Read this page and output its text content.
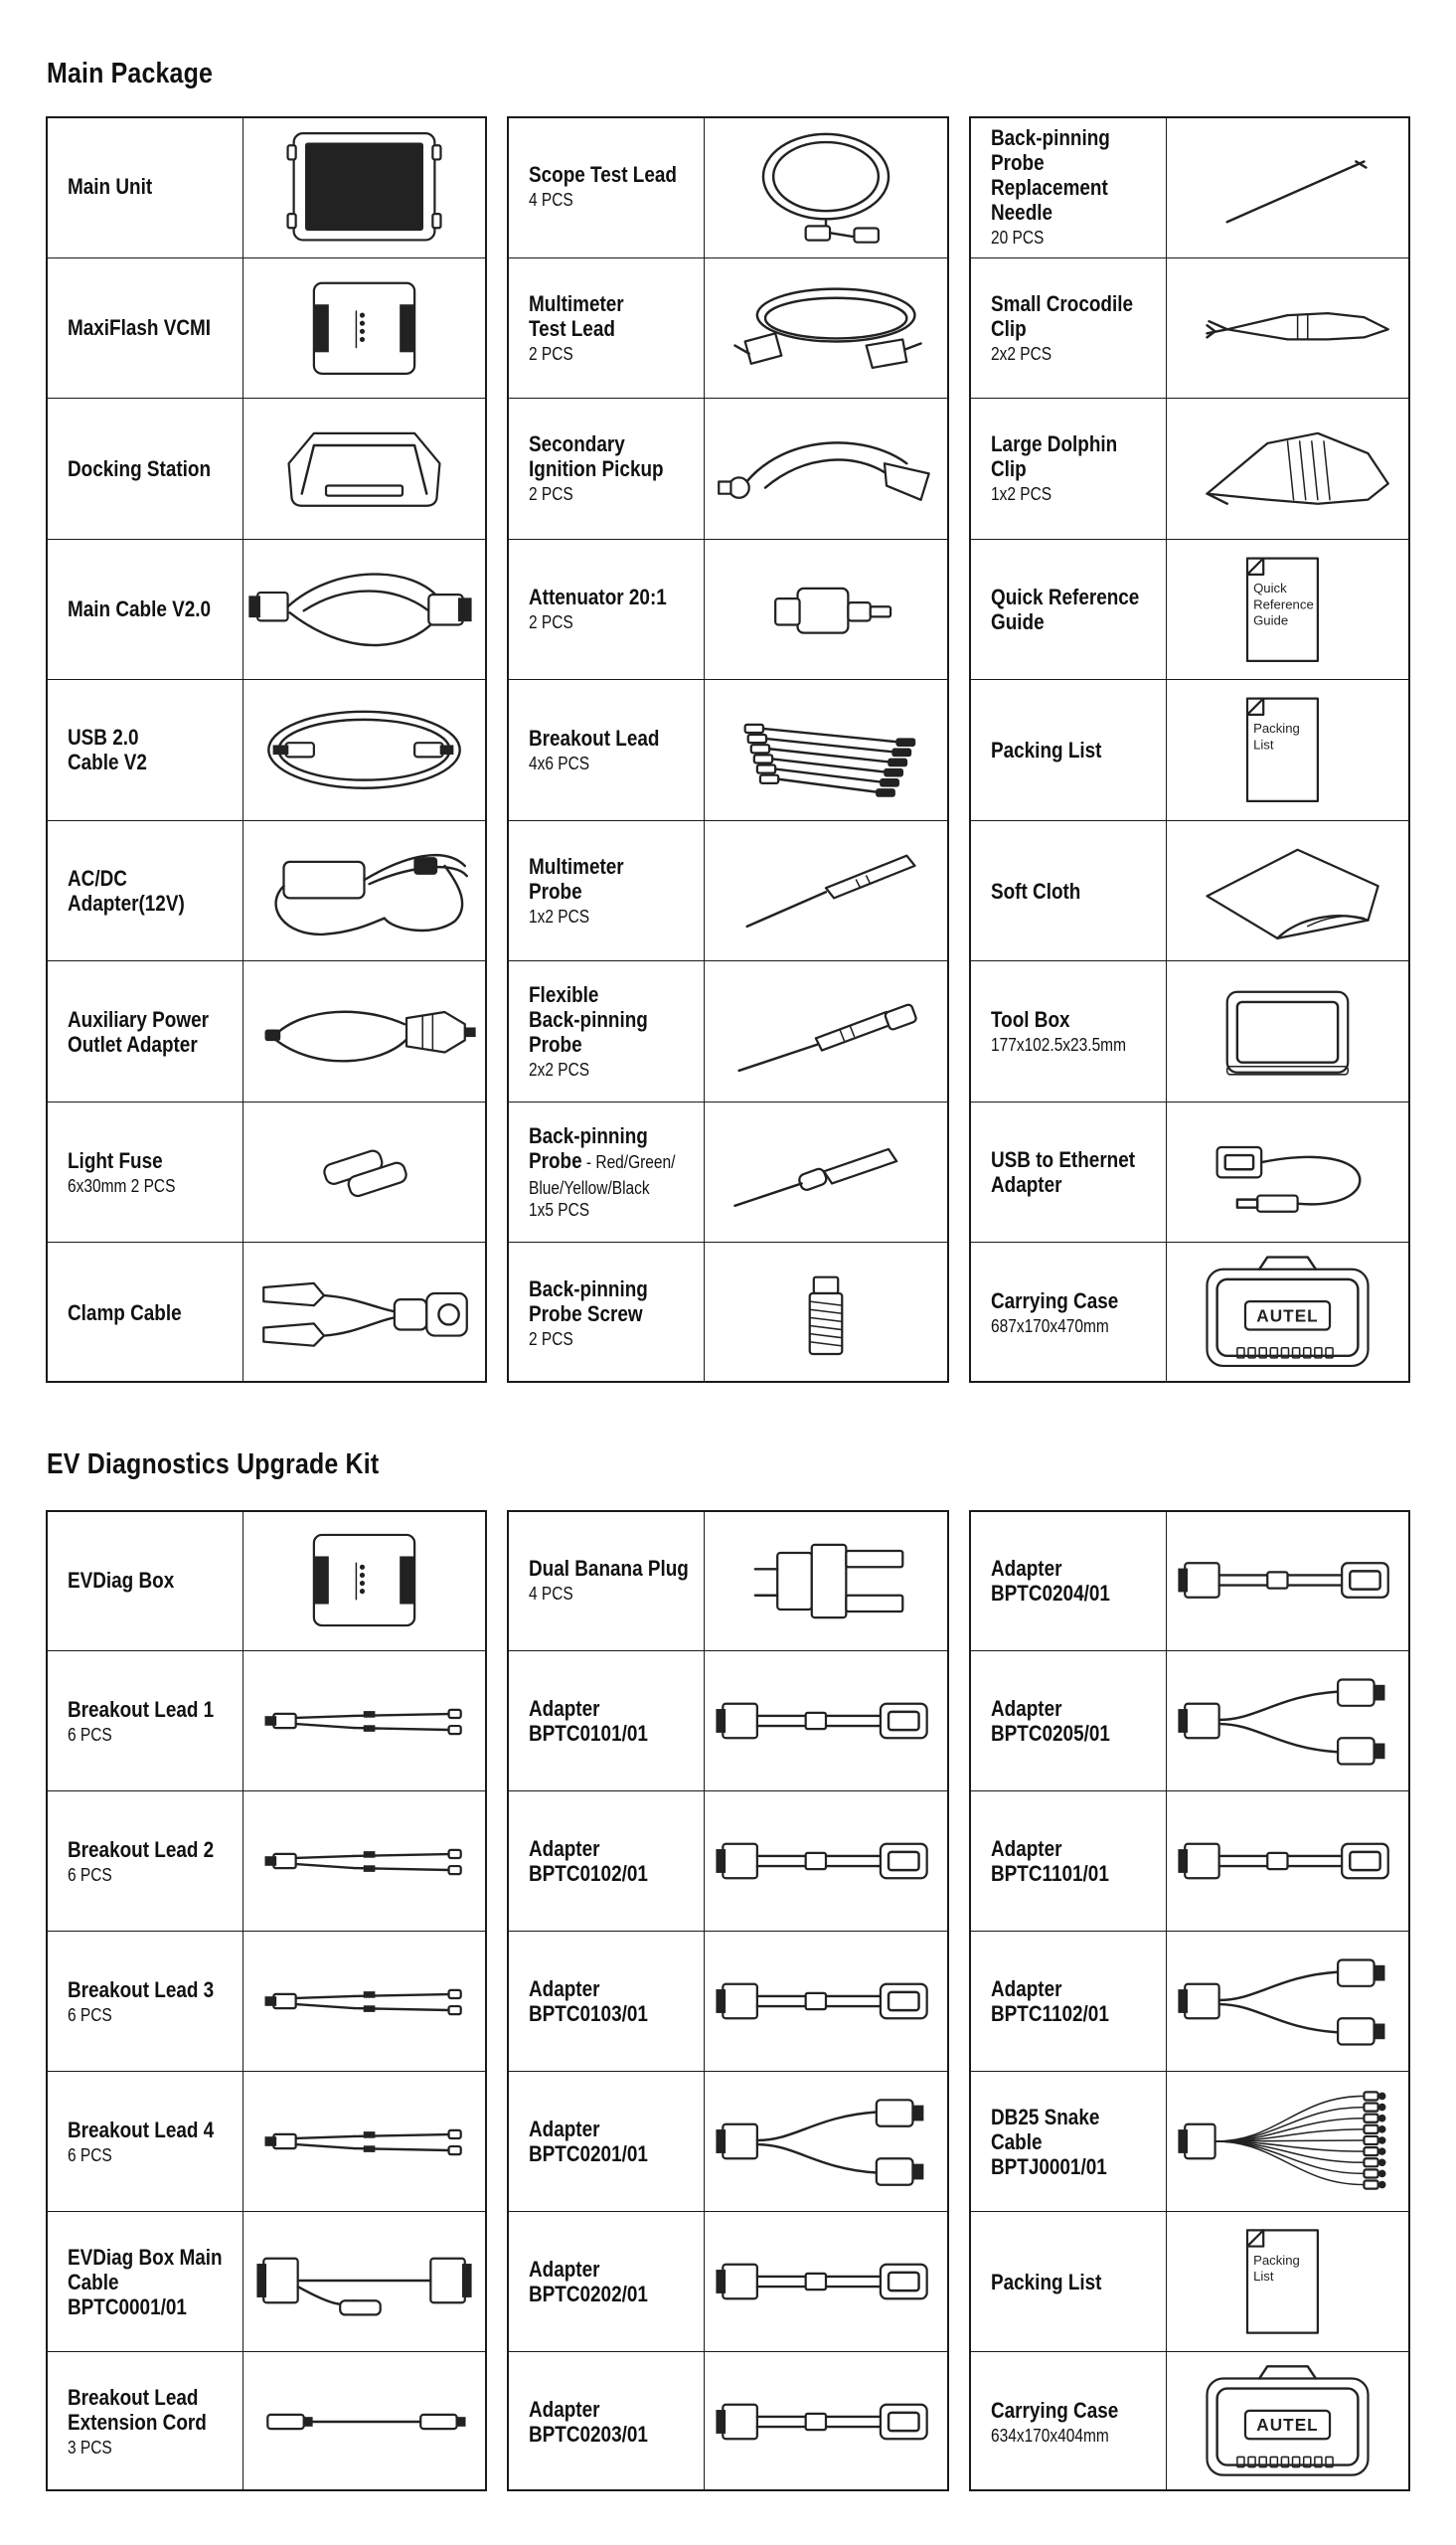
Main Package
Main Unit
MaxiFlash VCMI
Docking Station
Main Cable V2.0
USB 2.0
Cable V2
AC/DC
Adapter(12V)
Auxiliary Power
Outlet Adapter
Light Fuse
6x30mm 2 PCS
Clamp Cable
Scope Test Lead
4 PCS
Multimeter
Test Lead
2 PCS
Secondary
Ignition Pickup
2 PCS
Attenuator 20:1
2 PCS
Breakout Lead
4x6 PCS
Multimeter
Probe
1x2 PCS
Flexible
Back-pinning
Probe
2x2 PCS
Back-pinning
Probe - Red/Green/
Blue/Yellow/Black
1x5 PCS
Back-pinning
Probe Screw
2 PCS
Back-pinning
Probe
Replacement
Needle
20 PCS
Small Crocodile
Clip
2x2 PCS
Large Dolphin
Clip
1x2 PCS
Quick Reference
Guide
Quick
Reference
Guide
Packing List
Packing
List
Soft Cloth
Tool Box
177x102.5x23.5mm
USB to Ethernet
Adapter
Carrying Case
687x170x470mm
AUTEL
EV Diagnostics Upgrade Kit
EVDiag Box
Breakout Lead 1
6 PCS
Breakout Lead 2
6 PCS
Breakout Lead 3
6 PCS
Breakout Lead 4
6 PCS
EVDiag Box Main
Cable
BPTC0001/01
Breakout Lead
Extension Cord
3 PCS
Dual Banana Plug
4 PCS
Adapter
BPTC0101/01
Adapter
BPTC0102/01
Adapter
BPTC0103/01
Adapter
BPTC0201/01
Adapter
BPTC0202/01
Adapter
BPTC0203/01
Adapter
BPTC0204/01
Adapter
BPTC0205/01
Adapter
BPTC1101/01
Adapter
BPTC1102/01
DB25 Snake
Cable
BPTJ0001/01
Packing List
Packing
List
Carrying Case
634x170x404mm
AUTEL
